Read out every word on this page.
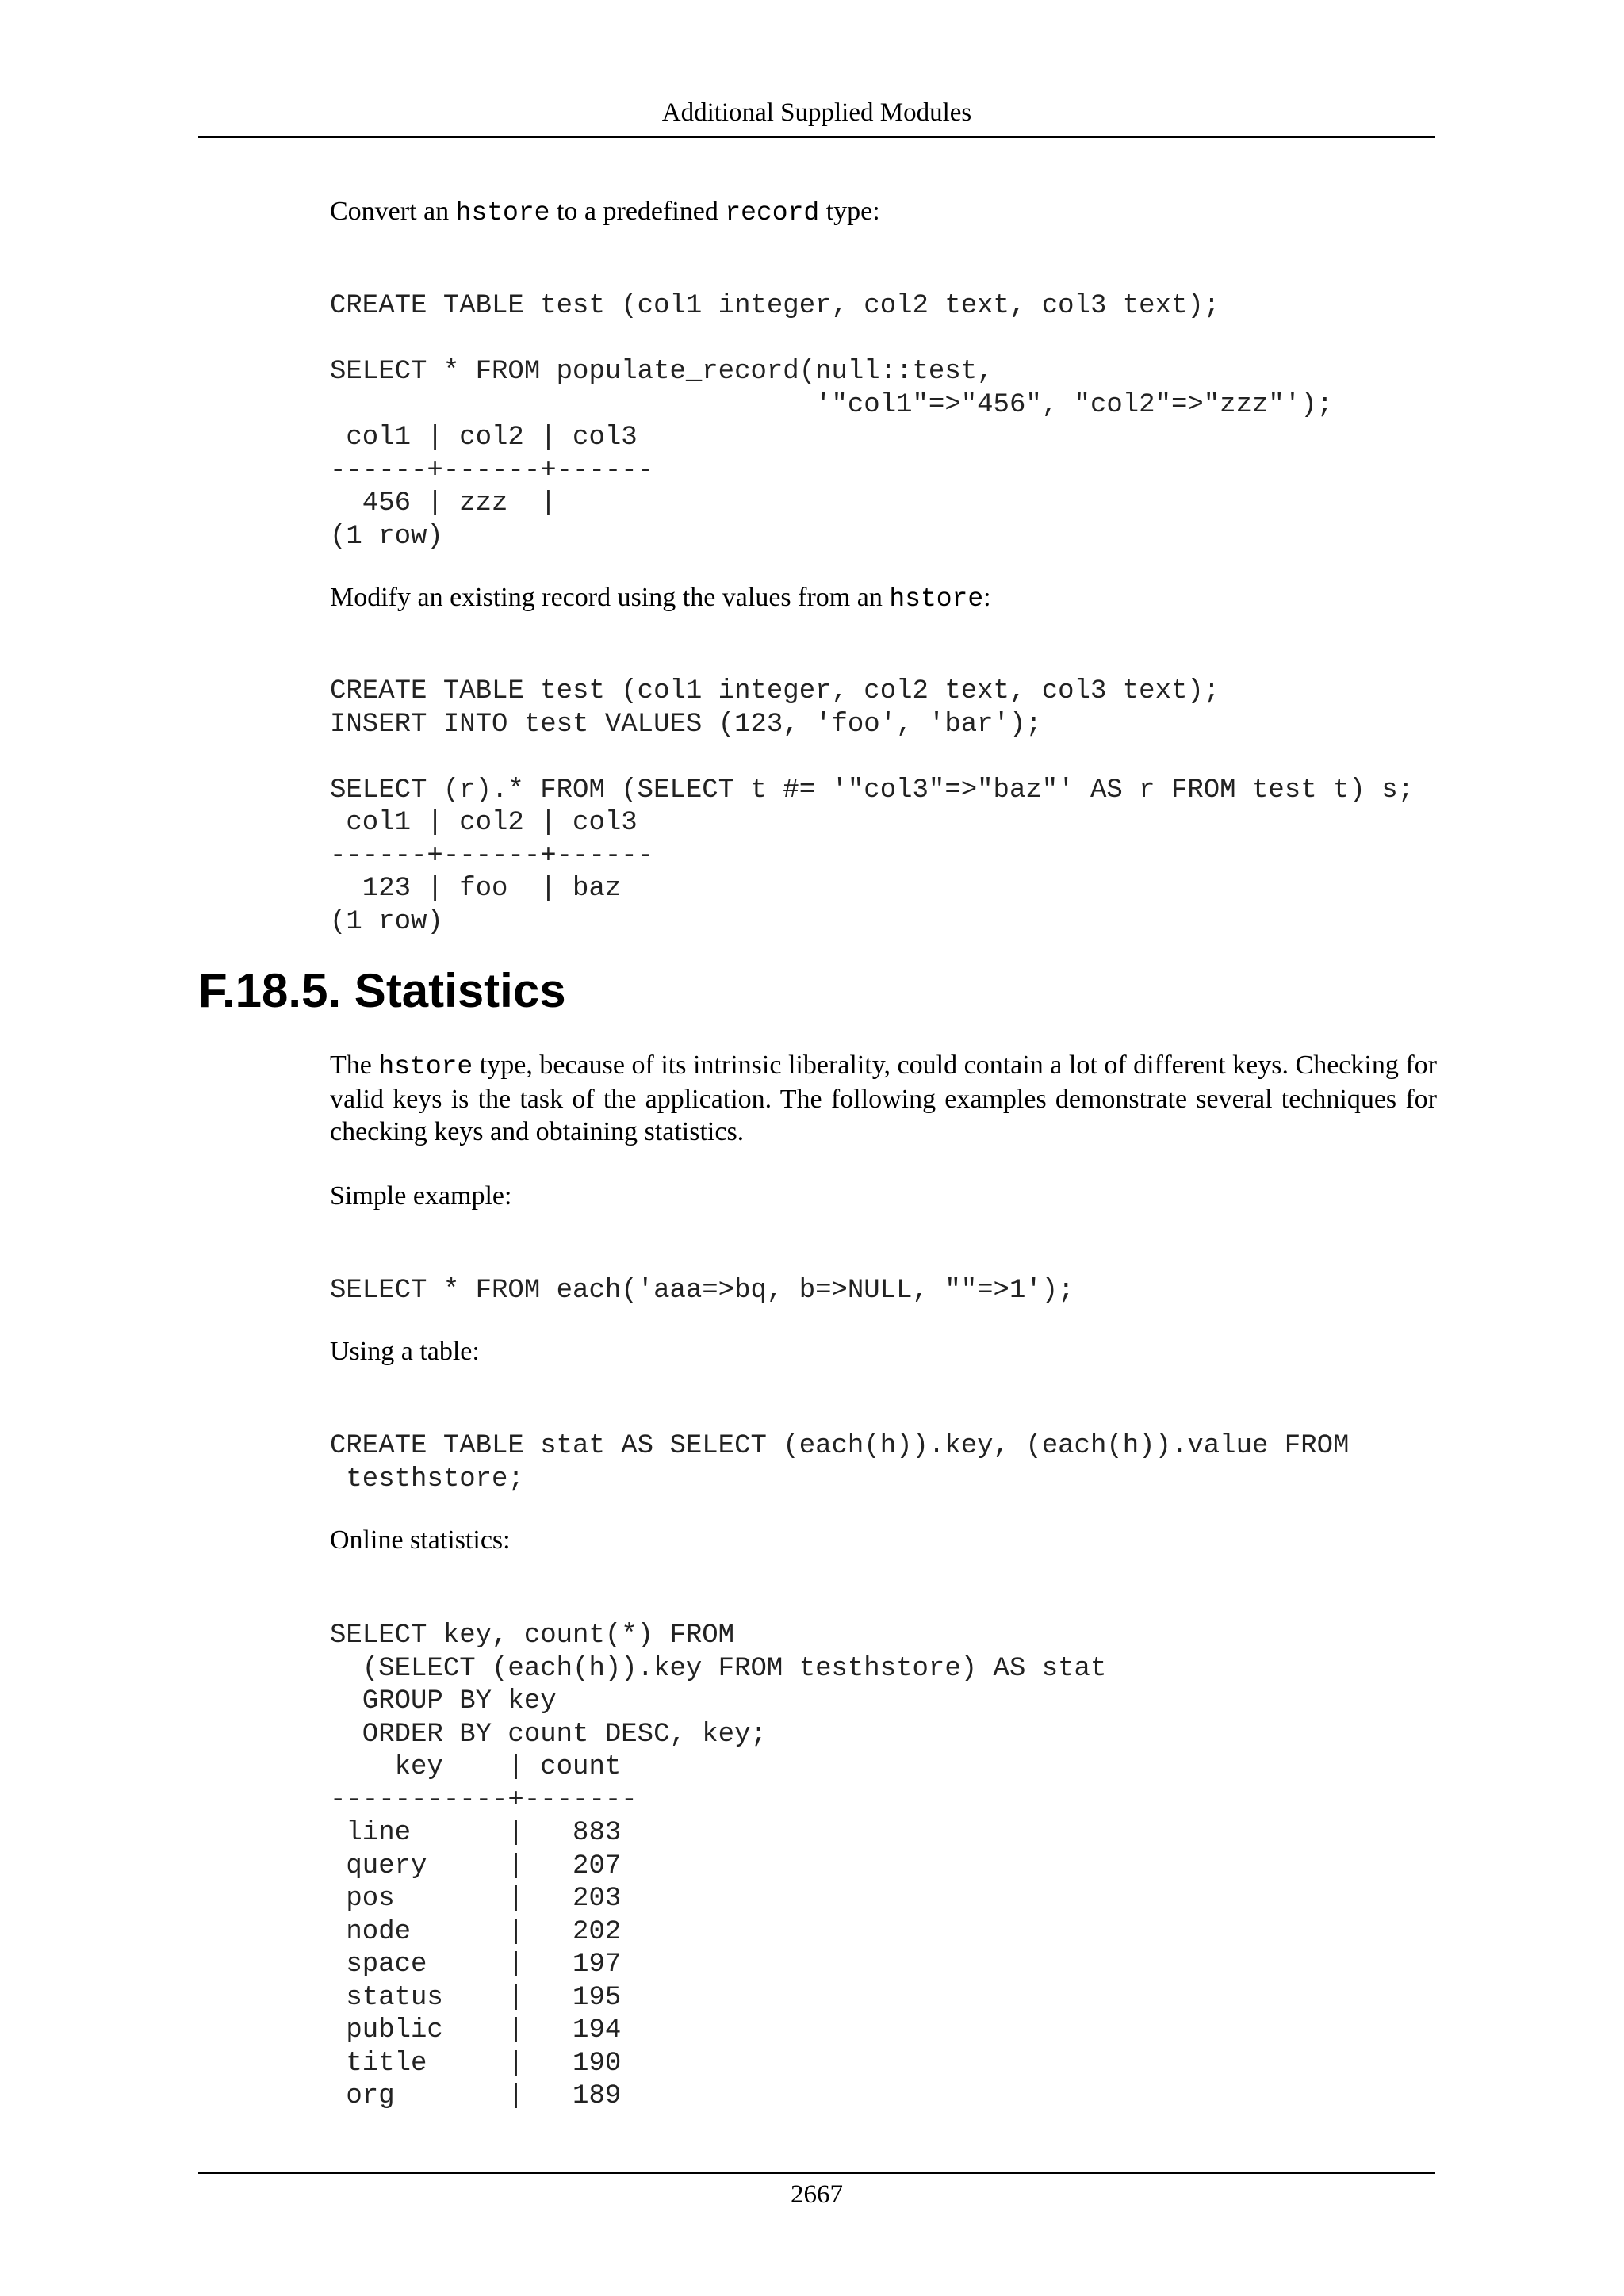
Additional Supplied Modules

Convert an hstore to a predefined record type:

CREATE TABLE test (col1 integer, col2 text, col3 text);

SELECT * FROM populate_record(null::test,
'"col1"=>"456", "col2"=>"zzz"');
col1 | col2 | col3
------+------+------
456 | zzz  |
(1 row)

Modify an existing record using the values from an hstore:

CREATE TABLE test (col1 integer, col2 text, col3 text);
INSERT INTO test VALUES (123, 'foo', 'bar');

SELECT (r).* FROM (SELECT t #= '"col3"=>"baz"' AS r FROM test t) s;
col1 | col2 | col3
------+------+------
123 | foo  | baz
(1 row)
F.18.5. Statistics

The hstore type, because of its intrinsic liberality, could contain a lot of different keys. Checking for valid keys is the task of the application. The following examples demonstrate several techniques for checking keys and obtaining statistics.

Simple example:

SELECT * FROM each('aaa=>bq, b=>NULL, ""=>1');

Using a table:

CREATE TABLE stat AS SELECT (each(h)).key, (each(h)).value FROM
testhstore;

Online statistics:

SELECT key, count(*) FROM
(SELECT (each(h)).key FROM testhstore) AS stat
GROUP BY key
ORDER BY count DESC, key;
key    | count
-----------+-------
line      |   883
query     |   207
pos       |   203
node      |   202
space     |   197
status    |   195
public    |   194
title     |   190
org       |   189
2667
